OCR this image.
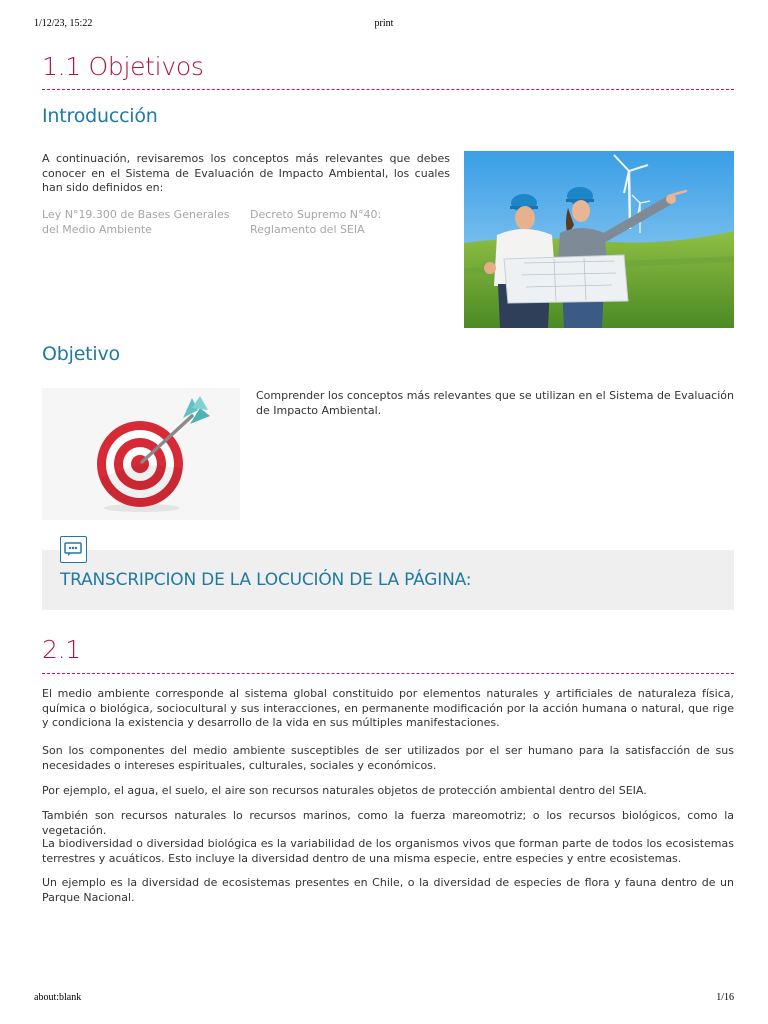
1/12/23, 15:22	print
1.1 Objetivos
Introducción

A continuación, revisaremos los conceptos más relevantes que debes conocer en el Sistema de Evaluación de Impacto Ambiental, los cuales han sido definidos en:

Ley N°19.300 de Bases Generales del Medio Ambiente

Decreto Supremo N°40: Reglamento del SEIA

Objetivo

Comprender los conceptos más relevantes que se utilizan en el Sistema de Evaluación de Impacto Ambiental.

TRANSCRIPCION DE LA LOCUCIÓN DE LA PÁGINA:
2.1

El medio ambiente corresponde al sistema global constituido por elementos naturales y artificiales de naturaleza física, química o biológica, sociocultural y sus interacciones, en permanente modificación por la acción humana o natural, que rige y condiciona la existencia y desarrollo de la vida en sus múltiples manifestaciones.

Son los componentes del medio ambiente susceptibles de ser utilizados por el ser humano para la satisfacción de sus necesidades o intereses espirituales, culturales, sociales y económicos.

Por ejemplo, el agua, el suelo, el aire son recursos naturales objetos de protección ambiental dentro del SEIA.

También son recursos naturales lo recursos marinos, como la fuerza mareomotriz; o los recursos biológicos, como la vegetación.

La biodiversidad o diversidad biológica es la variabilidad de los organismos vivos que forman parte de todos los ecosistemas terrestres y acuáticos. Esto incluye la diversidad dentro de una misma especie, entre especies y entre ecosistemas.

Un ejemplo es la diversidad de ecosistemas presentes en Chile, o la diversidad de especies de flora y fauna dentro de un Parque Nacional.

about:blank	1/16
